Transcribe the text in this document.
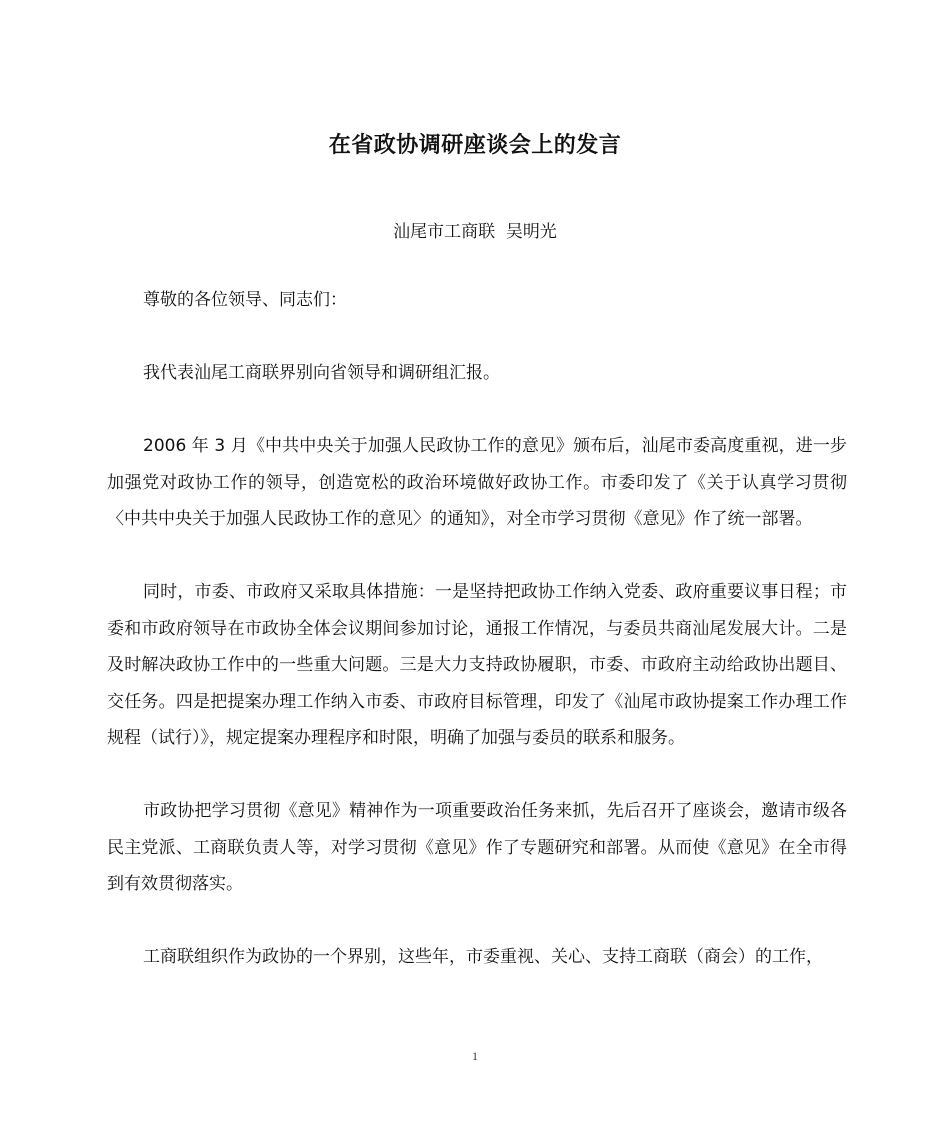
在省政协调研座谈会上的发言
汕尾市工商联  吴明光

尊敬的各位领导、同志们：

我代表汕尾工商联界别向省领导和调研组汇报。

2006 年 3 月《中共中央关于加强人民政协工作的意见》颁布后，汕尾市委高度重视，进一步加强党对政协工作的领导，创造宽松的政治环境做好政协工作。市委印发了《关于认真学习贯彻〈中共中央关于加强人民政协工作的意见〉的通知》，对全市学习贯彻《意见》作了统一部署。

同时，市委、市政府又采取具体措施：一是坚持把政协工作纳入党委、政府重要议事日程；市委和市政府领导在市政协全体会议期间参加讨论，通报工作情况，与委员共商汕尾发展大计。二是及时解决政协工作中的一些重大问题。三是大力支持政协履职，市委、市政府主动给政协出题目、交任务。四是把提案办理工作纳入市委、市政府目标管理，印发了《汕尾市政协提案工作办理工作规程（试行）》，规定提案办理程序和时限，明确了加强与委员的联系和服务。

市政协把学习贯彻《意见》精神作为一项重要政治任务来抓，先后召开了座谈会，邀请市级各民主党派、工商联负责人等，对学习贯彻《意见》作了专题研究和部署。从而使《意见》在全市得到有效贯彻落实。

工商联组织作为政协的一个界别，这些年，市委重视、关心、支持工商联（商会）的工作，

1
